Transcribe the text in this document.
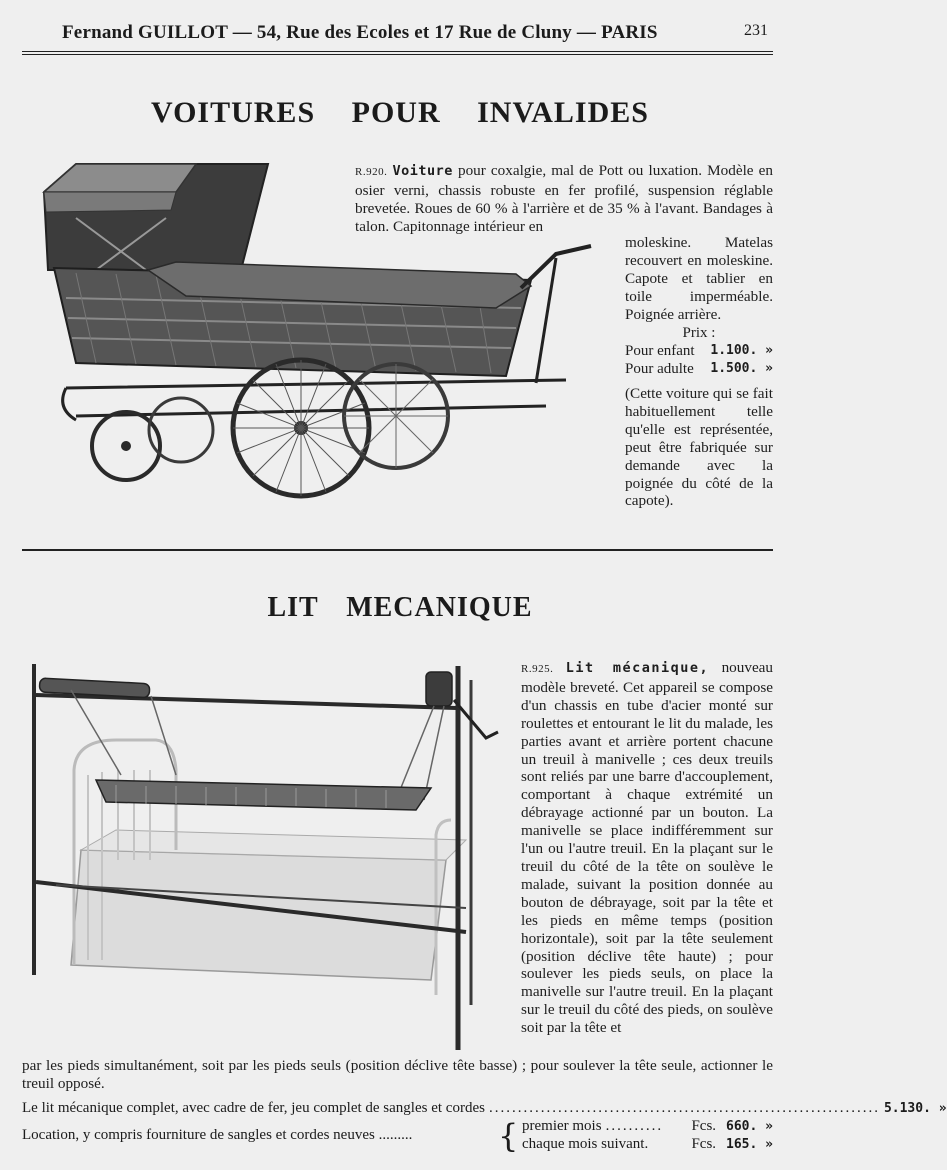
Fernand GUILLOT — 54, Rue des Ecoles et 17 Rue de Cluny — PARIS	231
VOITURES POUR INVALIDES
R.920. Voiture pour coxalgie, mal de Pott ou luxation. Modèle en osier verni, chassis robuste en fer profilé, suspension réglable brevetée. Roues de 60 % à l'arrière et de 35 % à l'avant. Bandages à talon. Capitonnage intérieur en
moleskine. Matelas recouvert en moleskine. Capote et tablier en toile imperméable. Poignée arrière.
Prix :
Pour enfant 1.100. »
Pour adulte 1.500. »
(Cette voiture qui se fait habituellement telle qu'elle est représentée, peut être fabriquée sur demande avec la poignée du côté de la capote).
LIT MECANIQUE
R.925. Lit mécanique, nouveau modèle breveté. Cet appareil se compose d'un chassis en tube d'acier monté sur roulettes et entourant le lit du malade, les parties avant et arrière portent chacune un treuil à manivelle ; ces deux treuils sont reliés par une barre d'accouplement, comportant à chaque extrémité un débrayage actionné par un bouton. La manivelle se place indifféremment sur l'un ou l'autre treuil. En la plaçant sur le treuil du côté de la tête on soulève le malade, suivant la position donnée au bouton de débrayage, soit par la tête et les pieds en même temps (position horizontale), soit par la tête seulement (position déclive tête haute) ; pour soulever les pieds seuls, on place la manivelle sur l'autre treuil. En la plaçant sur le treuil du côté des pieds, on soulève soit par la tête et
par les pieds simultanément, soit par les pieds seuls (position déclive tête basse) ; pour soulever la tête seule, actionner le treuil opposé.
Le lit mécanique complet, avec cadre de fer, jeu complet de sangles et cordes .................................................................... 5.130. »
Location, y compris fourniture de sangles et cordes neuves .........	{ premier mois ..........	Fcs. 660. »
chaque mois suivant.	Fcs. 165. »
